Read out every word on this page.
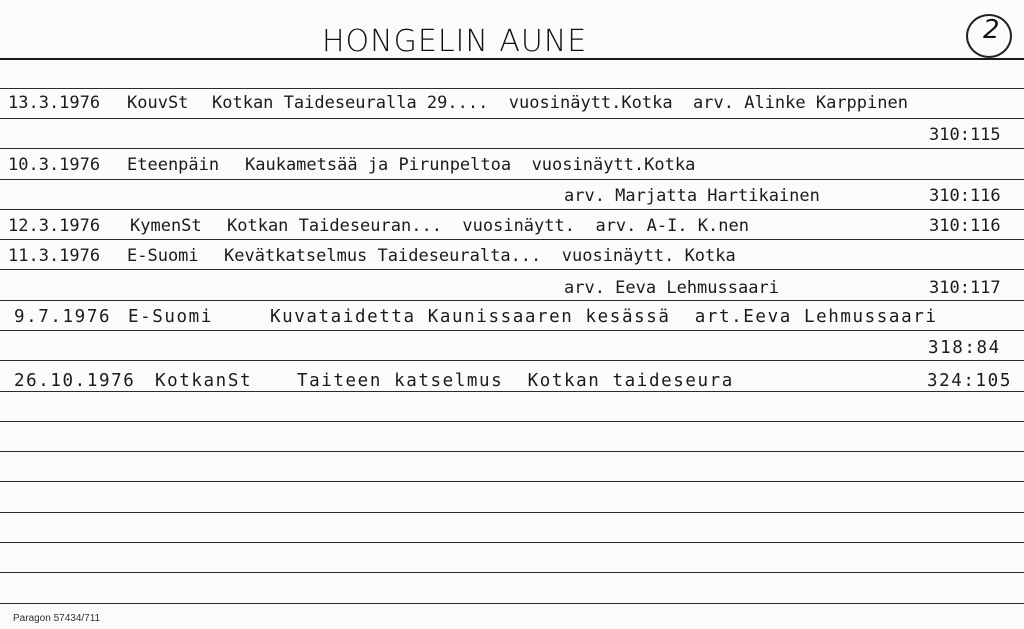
HONGELIN AUNE	2
13.3.1976 KouvSt Kotkan Taideseuralla 29....  vuosinäytt.Kotka  arv. Alinke Karppinen
310:115
10.3.1976 Eteenpäin Kaukametsää ja Pirunpeltoa  vuosinäytt.Kotka
arv. Marjatta Hartikainen	310:116
12.3.1976 KymenSt Kotkan Taideseuran...  vuosinäytt.  arv. A-I. K.nen	310:116
11.3.1976 E-Suomi Kevätkatselmus Taideseuralta...  vuosinäytt. Kotka
arv. Eeva Lehmussaari	310:117
9.7.1976 E-Suomi	Kuvataidetta Kaunissaaren kesässä  art.Eeva Lehmussaari
318:84
26.10.1976 KotkanSt	Taiteen katselmus  Kotkan taideseura	324:105
Paragon 57434/711
